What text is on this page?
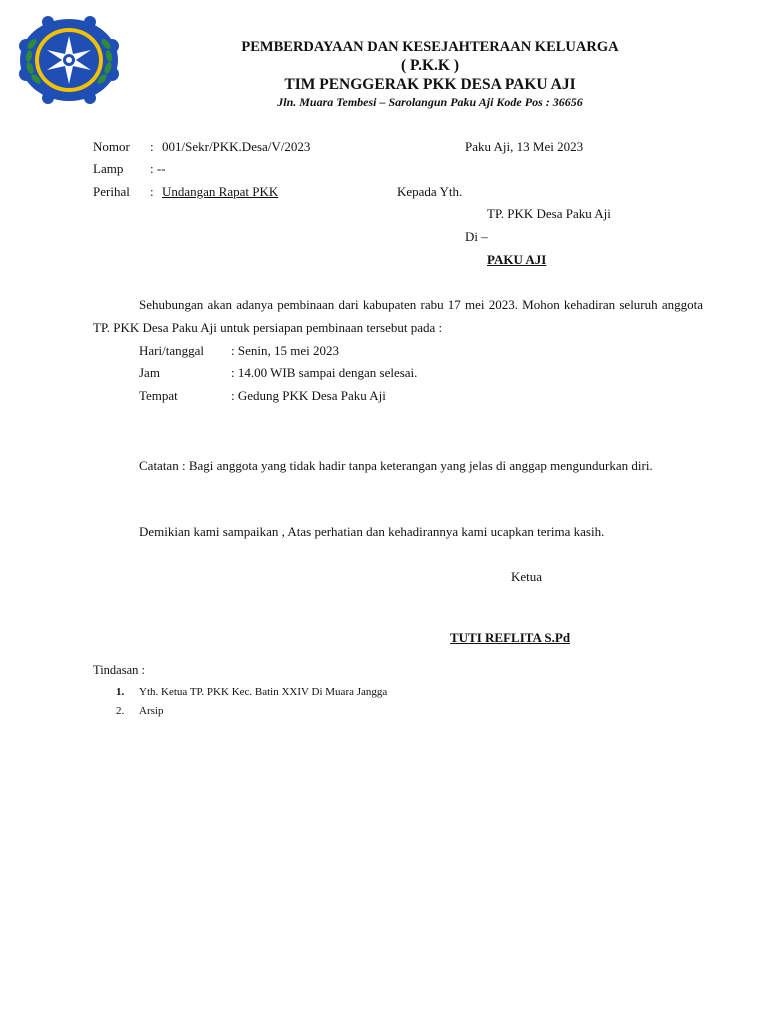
PEMBERDAYAAN DAN KESEJAHTERAAN KELUARGA
( P.K.K )
TIM PENGGERAK PKK DESA PAKU AJI
Jln. Muara Tembesi – Sarolangun Paku Aji Kode Pos : 36656
Nomor : 001/Sekr/PKK.Desa/V/2023	Paku Aji, 13 Mei 2023
Lamp : --
Perihal : Undangan Rapat PKK	Kepada Yth.
TP. PKK Desa Paku Aji
Di –
PAKU AJI
Sehubungan akan adanya pembinaan dari kabupaten rabu 17 mei 2023. Mohon kehadiran seluruh anggota TP. PKK Desa Paku Aji untuk persiapan pembinaan tersebut pada :
Hari/tanggal : Senin, 15 mei 2023
Jam	: 14.00 WIB sampai dengan selesai.
Tempat	: Gedung PKK Desa Paku Aji
Catatan : Bagi anggota yang tidak hadir tanpa keterangan yang jelas di anggap mengundurkan diri.
Demikian kami sampaikan , Atas perhatian dan kehadirannya kami ucapkan terima kasih.
Ketua
TUTI REFLITA S.Pd
Tindasan :
1. Yth. Ketua TP. PKK Kec. Batin XXIV Di Muara Jangga
2. Arsip
